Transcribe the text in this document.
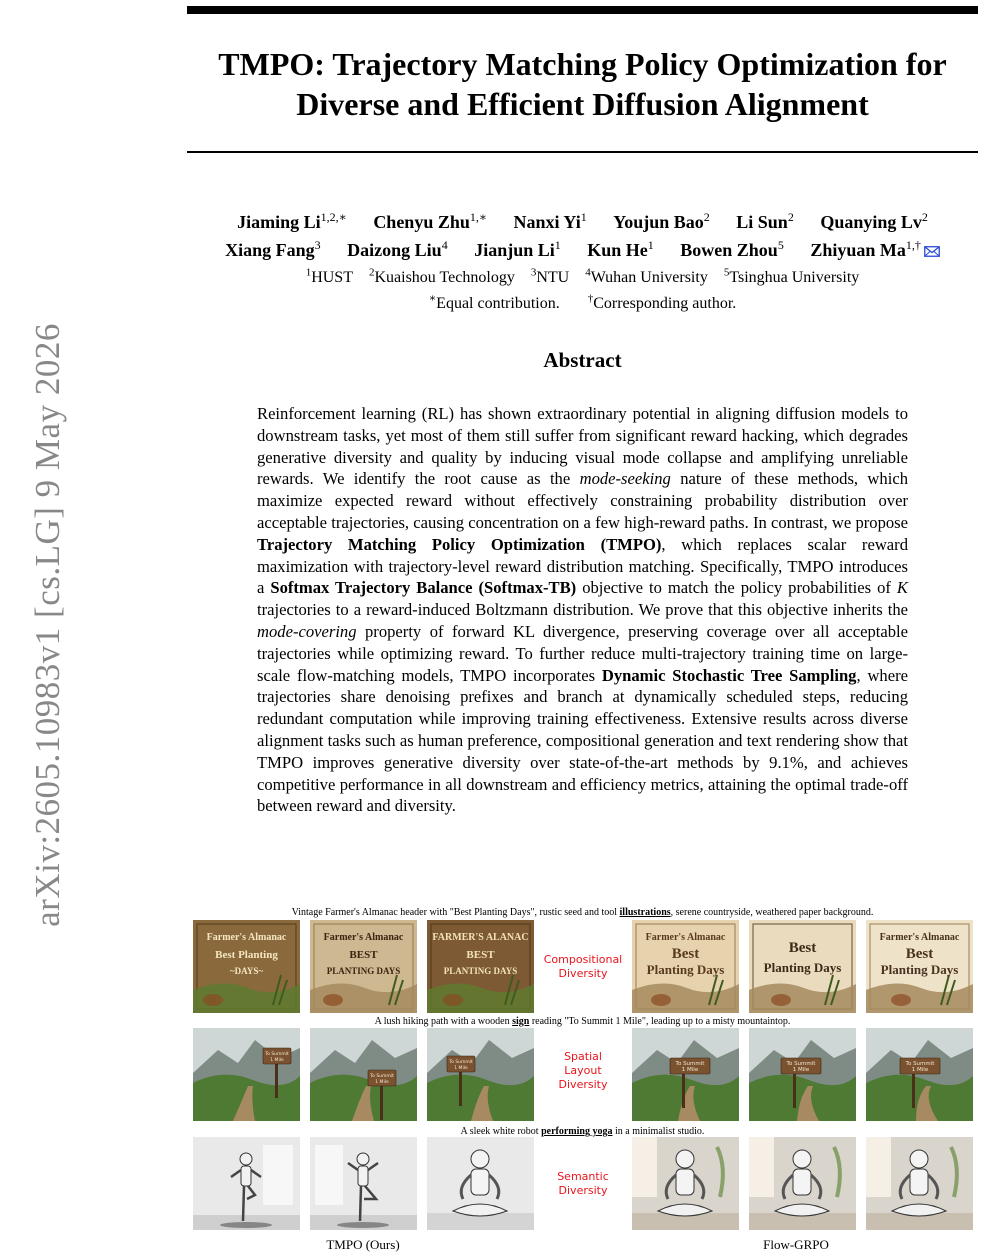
arXiv:2605.10983v1 [cs.LG] 9 May 2026
TMPO: Trajectory Matching Policy Optimization for
Diverse and Efficient Diffusion Alignment
Jiaming $Li^{1,2,∗}$ Chenyu Zhu$^{1,∗}$ Nanxi Yi$^1$ Youjun Bao$^2$ Li Sun$^2$ Quanying Lv$^2$
Xiang Fang$^3$ Daizong Liu$^4$ Jianjun Li$^1$ Kun He$^1$ Bowen Zhou$^5$ Zhiyuan $Ma^{1,\dagger}$
$^1$HUST $^2$Kuaishou Technology $^3$NTU $^4$Wuhan University $^5$Tsinghua University
∗Equal contribution.	†Corresponding author.
Abstract

Reinforcement learning (RL) has shown extraordinary potential in aligning diffusion models to downstream tasks, yet most of them still suffer from significant reward hacking, which degrades generative diversity and quality by inducing visual mode collapse and amplifying unreliable rewards. We identify the root cause as the mode-seeking nature of these methods, which maximize expected reward without effectively constraining probability distribution over acceptable trajectories, causing concentration on a few high-reward paths. In contrast, we propose Trajectory Matching Policy Optimization (TMPO), which replaces scalar reward maximization with trajectory-level reward distribution matching. Specifically, TMPO introduces a Softmax Trajectory Balance (Softmax-TB) objective to match the policy probabilities of K trajectories to a reward-induced Boltzmann distribution. We prove that this objective inherits the mode-covering property of forward KL divergence, preserving coverage over all acceptable trajectories while optimizing reward. To further reduce multi-trajectory training time on large-scale flow-matching models, TMPO incorporates Dynamic Stochastic Tree Sampling, where trajectories share denoising prefixes and branch at dynamically scheduled steps, reducing redundant computation while improving training effectiveness. Extensive results across diverse alignment tasks such as human preference, compositional generation and text rendering show that TMPO improves generative diversity over state-of-the-art methods by 9.1%, and achieves competitive performance in all downstream and efficiency metrics, attaining the optimal trade-off between reward and diversity.

Vintage Farmer's Almanac header with "Best Planting Days", rustic seed and tool illustrations, serene countryside, weathered paper background.
Compositional
Diversity
A lush hiking path with a wooden sign reading "To Summit 1 Mile", leading up to a misty mountaintop.
Spatial
Layout
Diversity
A sleek white robot performing yoga in a minimalist studio.
Semantic
Diversity
Farmer's Almanac
Best Planting
~DAYS~
Farmer's Almanac
BEST
PLANTING DAYS
FARMER'S ALANAC
BEST
PLANTING DAYS
Farmer's Almanac
Best
Planting Days
Best
Planting Days
Farmer's Almanac
Best
Planting Days
To Summit
1 Mile
To Summit
1 Mile
To Summit
1 Mile
To Summit
1 Mile
To Summit
1 Mile
To Summit
1 Mile
TMPO (Ours)	Flow-GRPO
